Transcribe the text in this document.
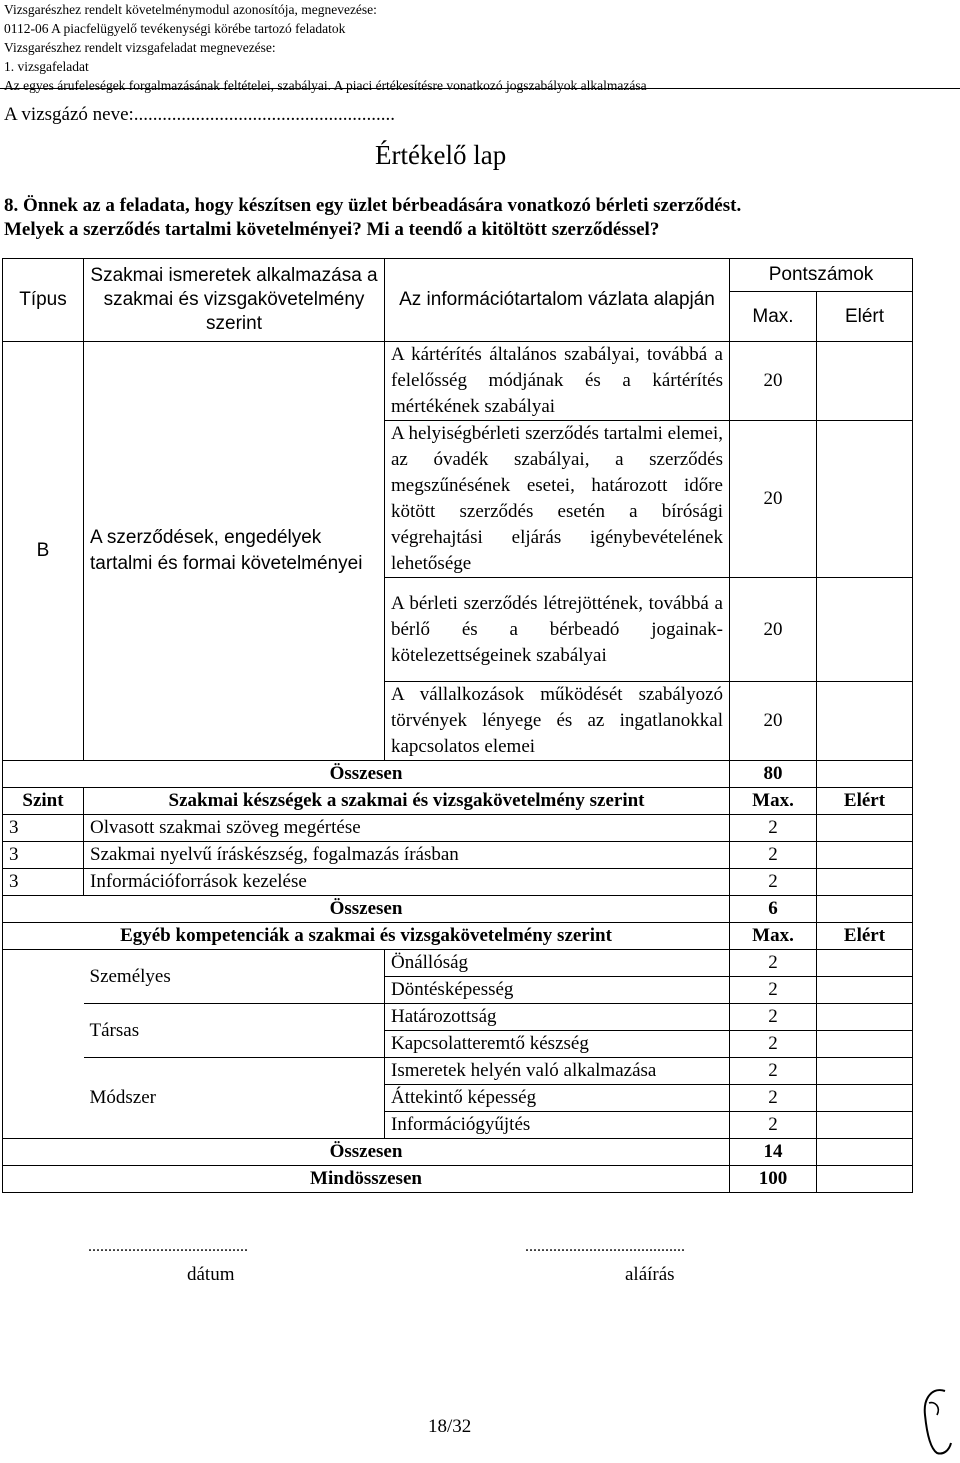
Vizsgarészhez rendelt követelménymodul azonosítója, megnevezése:
0112-06 A piacfelügyelő tevékenységi körébe tartozó feladatok
Vizsgarészhez rendelt vizsgafeladat megnevezése:
1. vizsgafeladat
Az egyes árufeleségek forgalmazásának feltételei, szabályai. A piaci értékesítésre vonatkozó jogszabályok alkalmazása
A vizsgázó neve:.......................................................
Értékelő lap
8. Önnek az a feladata, hogy készítsen egy üzlet bérbeadására vonatkozó bérleti szerződést.
Melyek a szerződés tartalmi követelményei? Mi a teendő a kitöltött szerződéssel?
Típus	Szakmai ismeretek alkalmazása a szakmai és vizsgakövetelmény szerint	Az információtartalom vázlata alapján	Pontszámok	
			Max.	Elért
B	A szerződések, engedélyek tartalmi és formai követelményei	A kártérítés általános szabályai, továbbá a felelősség módjának és a kártérítés mértékének szabályai	20	
		A helyiségbérleti szerződés tartalmi elemei, az óvadék szabályai, a szerződés megszűnésének esetei, határozott időre kötött szerződés esetén a bírósági végrehajtási eljárás igénybevételének lehetősége	20	
		A bérleti szerződés létrejöttének, továbbá a bérlő és a bérbeadó jogainak-kötelezettségeinek szabályai	20	
		A vállalkozások működését szabályozó törvények lényege és az ingatlanokkal kapcsolatos elemei	20	
Összesen			80	
Szint	Szakmai készségek a szakmai és vizsgakövetelmény szerint		Max.	Elért
3	Olvasott szakmai szöveg megértése		2	
3	Szakmai nyelvű íráskészség, fogalmazás írásban		2	
3	Információforrások kezelése		2	
Összesen			6	
Egyéb kompetenciák a szakmai és vizsgakövetelmény szerint			Max.	Elért
	Személyes	Önállóság	2	
		Döntésképesség	2	
	Társas	Határozottság	2	
		Kapcsolatteremtő készség	2	
	Módszer	Ismeretek helyén való alkalmazása	2	
		Áttekintő képesség	2	
		Információgyűjtés	2	
Összesen			14	
Mindösszesen			100	
........................................
dátum
........................................
aláírás
18/32
